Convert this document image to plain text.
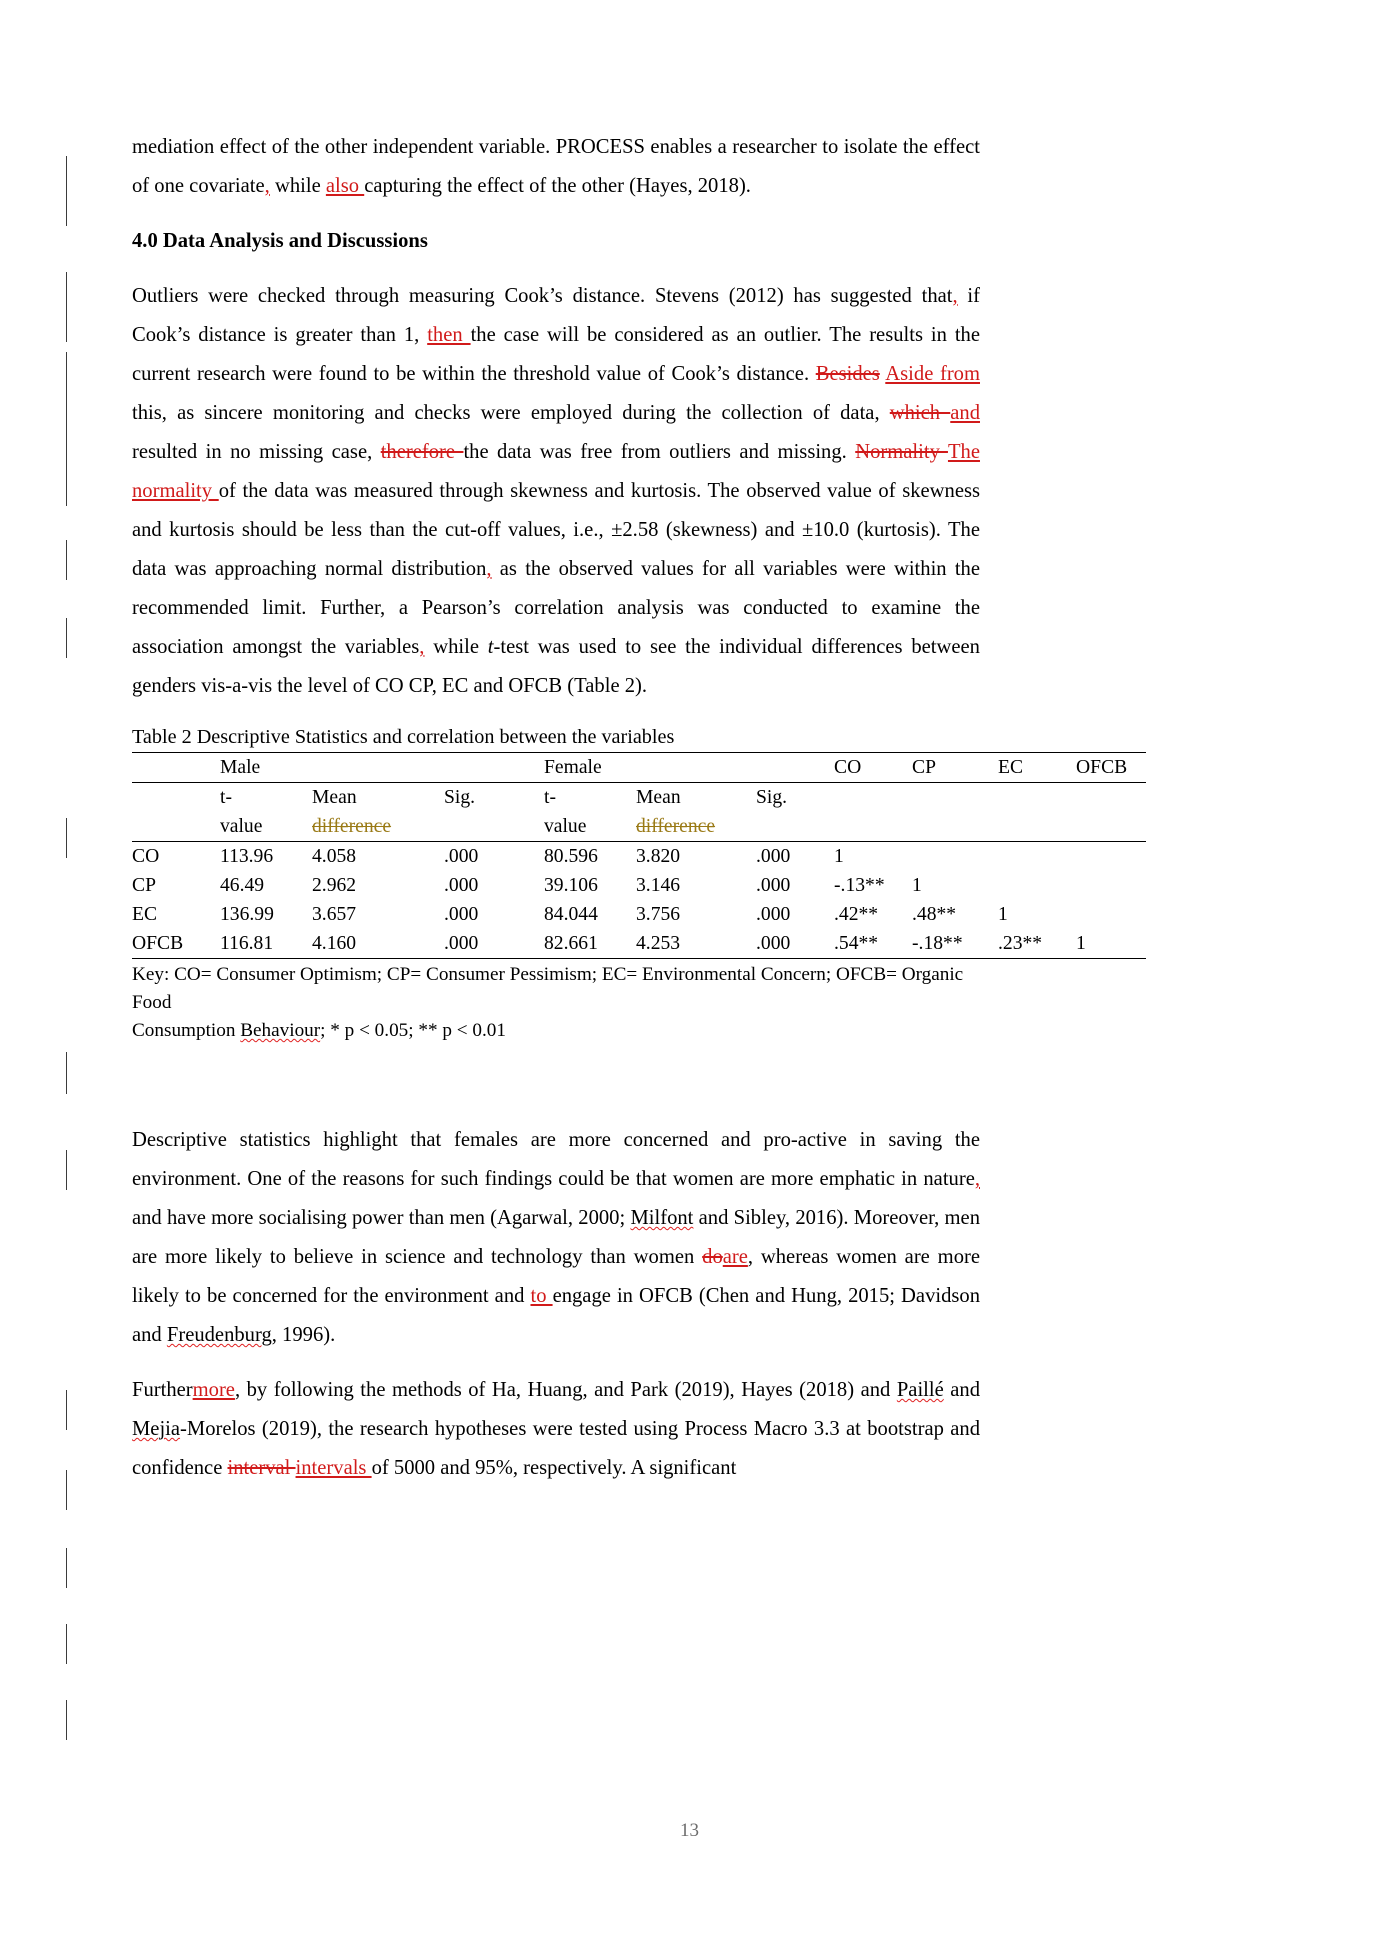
mediation effect of the other independent variable. PROCESS enables a researcher to isolate the effect of one covariate, while also capturing the effect of the other (Hayes, 2018).

4.0 Data Analysis and Discussions

Outliers were checked through measuring Cook’s distance. Stevens (2012) has suggested that, if Cook’s distance is greater than 1, then the case will be considered as an outlier. The results in the current research were found to be within the threshold value of Cook’s distance. Besides Aside from this, as sincere monitoring and checks were employed during the collection of data, which and resulted in no missing case, therefore the data was free from outliers and missing. Normality The normality of the data was measured through skewness and kurtosis. The observed value of skewness and kurtosis should be less than the cut-off values, i.e., ±2.58 (skewness) and ±10.0 (kurtosis). The data was approaching normal distribution, as the observed values for all variables were within the recommended limit. Further, a Pearson’s correlation analysis was conducted to examine the association amongst the variables, while t-test was used to see the individual differences between genders vis-a-vis the level of CO CP, EC and OFCB (Table 2).

Table 2 Descriptive Statistics and correlation between the variables

	Male			Female			CO	CP	EC	OFCB
	t-	Mean	Sig.	t-	Mean	Sig.				
	value	difference		value	difference					
CO	113.96	4.058	.000	80.596	3.820	.000	1			
CP	46.49	2.962	.000	39.106	3.146	.000	-.13**	1		
EC	136.99	3.657	.000	84.044	3.756	.000	.42**	.48**	1	
OFCB	116.81	4.160	.000	82.661	4.253	.000	.54**	-.18**	.23**	1

Key: CO= Consumer Optimism; CP= Consumer Pessimism; EC= Environmental Concern; OFCB= Organic Food
Consumption Behaviour; * p < 0.05; ** p < 0.01

Descriptive statistics highlight that females are more concerned and pro-active in saving the environment. One of the reasons for such findings could be that women are more emphatic in nature, and have more socialising power than men (Agarwal, 2000; Milfont and Sibley, 2016). Moreover, men are more likely to believe in science and technology than women doare, whereas women are more likely to be concerned for the environment and to engage in OFCB (Chen and Hung, 2015; Davidson and Freudenburg, 1996).

Furthermore, by following the methods of Ha, Huang, and Park (2019), Hayes (2018) and Paillé and Mejia-Morelos (2019), the research hypotheses were tested using Process Macro 3.3 at bootstrap and confidence interval intervals of 5000 and 95%, respectively. A significant

13
